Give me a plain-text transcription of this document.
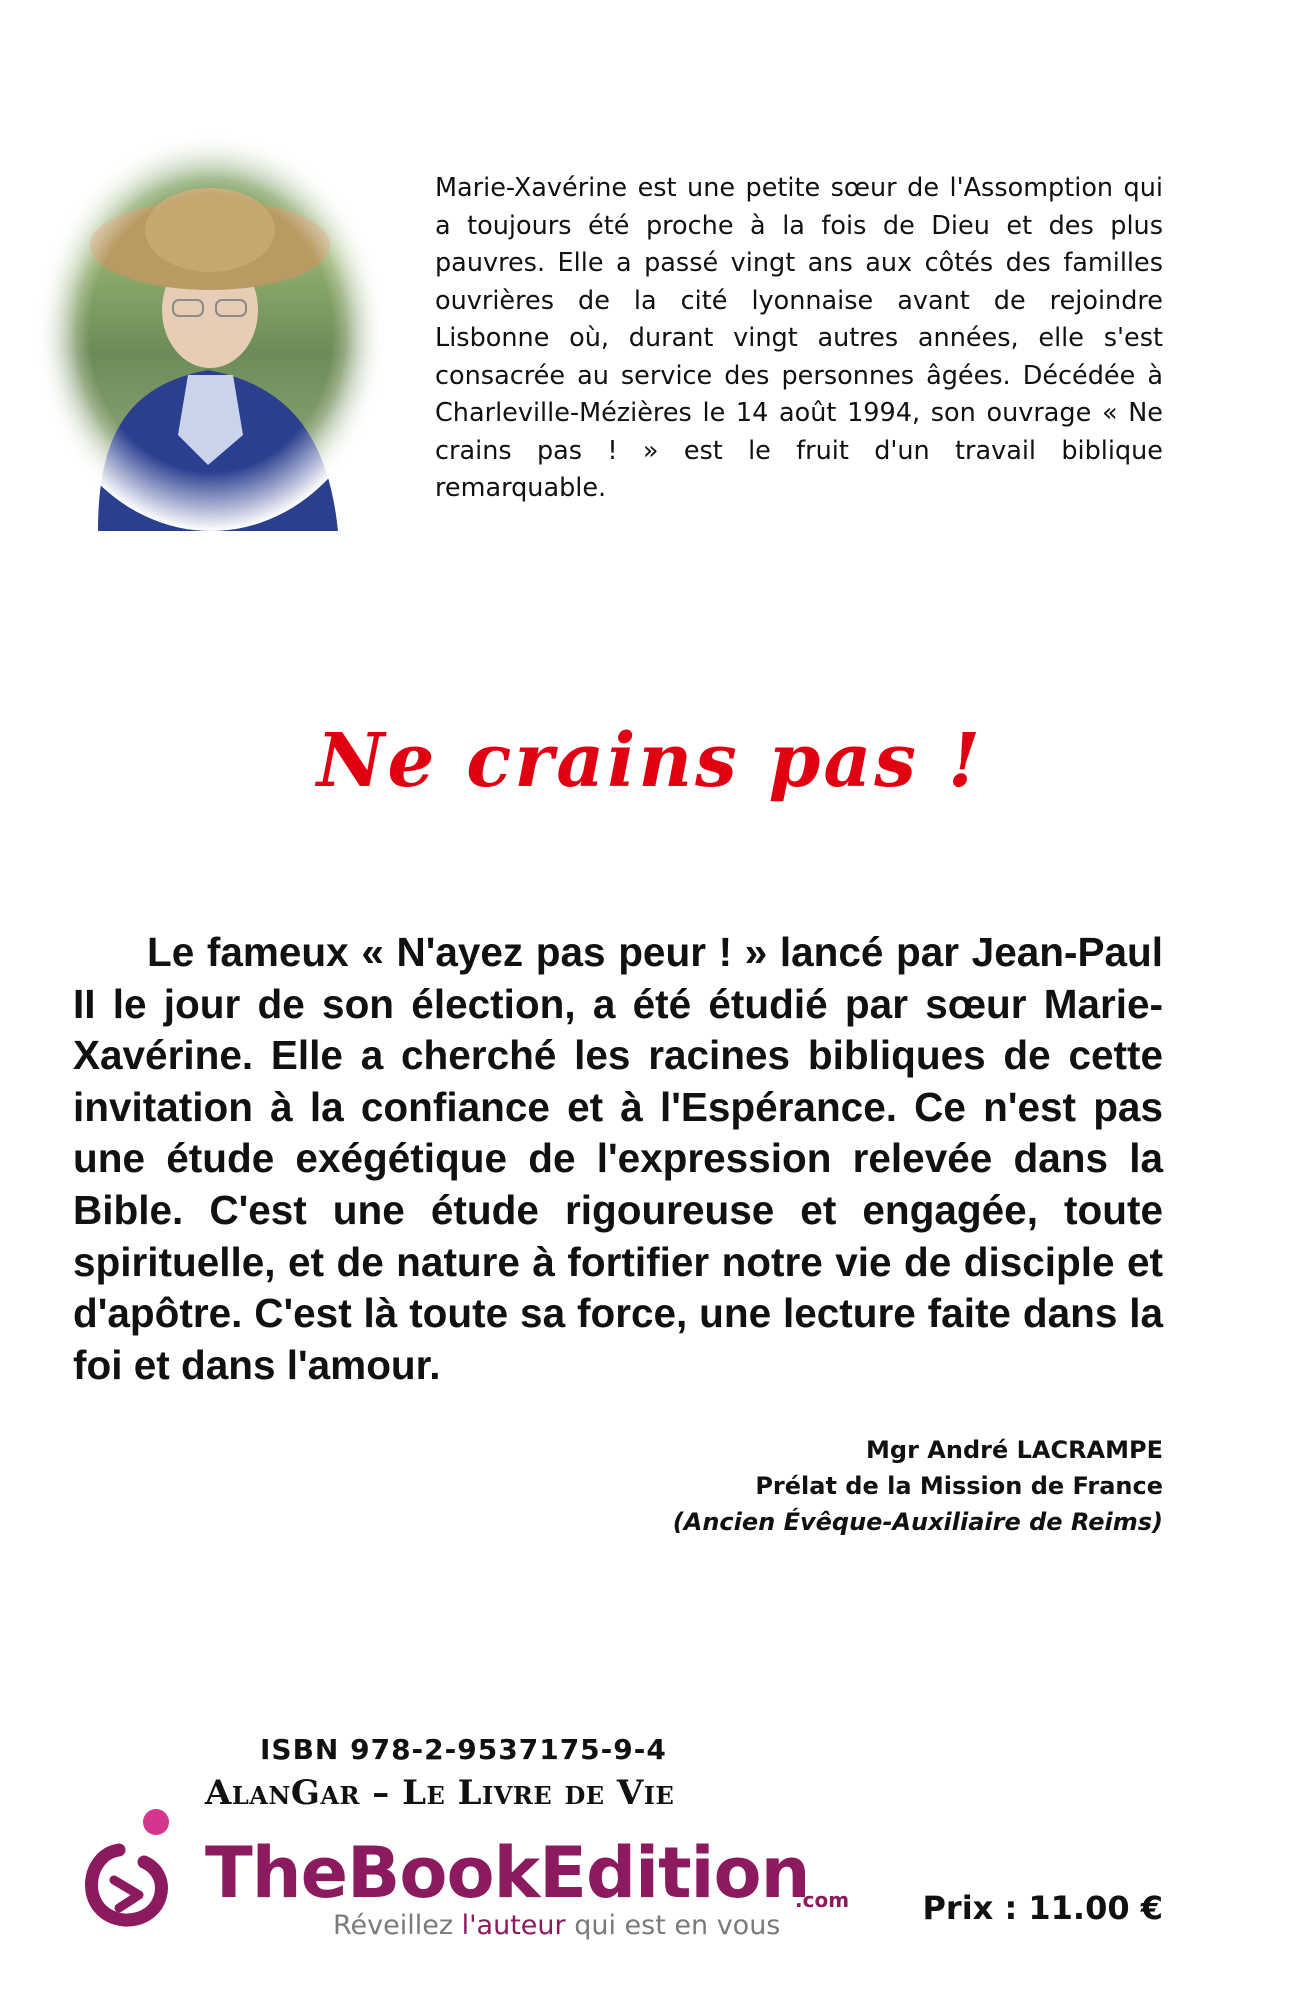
Marie-Xavérine est une petite sœur de l'Assomption qui a toujours été proche à la fois de Dieu et des plus pauvres. Elle a passé vingt ans aux côtés des familles ouvrières de la cité lyonnaise avant de rejoindre Lisbonne où, durant vingt autres années, elle s'est consacrée au service des personnes âgées. Décédée à Charleville-Mézières le 14 août 1994, son ouvrage « Ne crains pas ! » est le fruit d'un travail biblique remarquable.
Ne crains pas !
Le fameux « N'ayez pas peur ! » lancé par Jean-Paul II le jour de son élection, a été étudié par sœur Marie-Xavérine. Elle a cherché les racines bibliques de cette invitation à la confiance et à l'Espérance. Ce n'est pas une étude exégétique de l'expression relevée dans la Bible. C'est une étude rigoureuse et engagée, toute spirituelle, et de nature à fortifier notre vie de disciple et d'apôtre. C'est là toute sa force, une lecture faite dans la foi et dans l'amour.
Mgr André LACRAMPE
Prélat de la Mission de France
(Ancien Évêque-Auxiliaire de Reims)
ISBN 978-2-9537175-9-4
AlanGar – Le Livre de Vie
TheBookEdition
.com
Réveillez l'auteur qui est en vous	Prix : 11.00 €
